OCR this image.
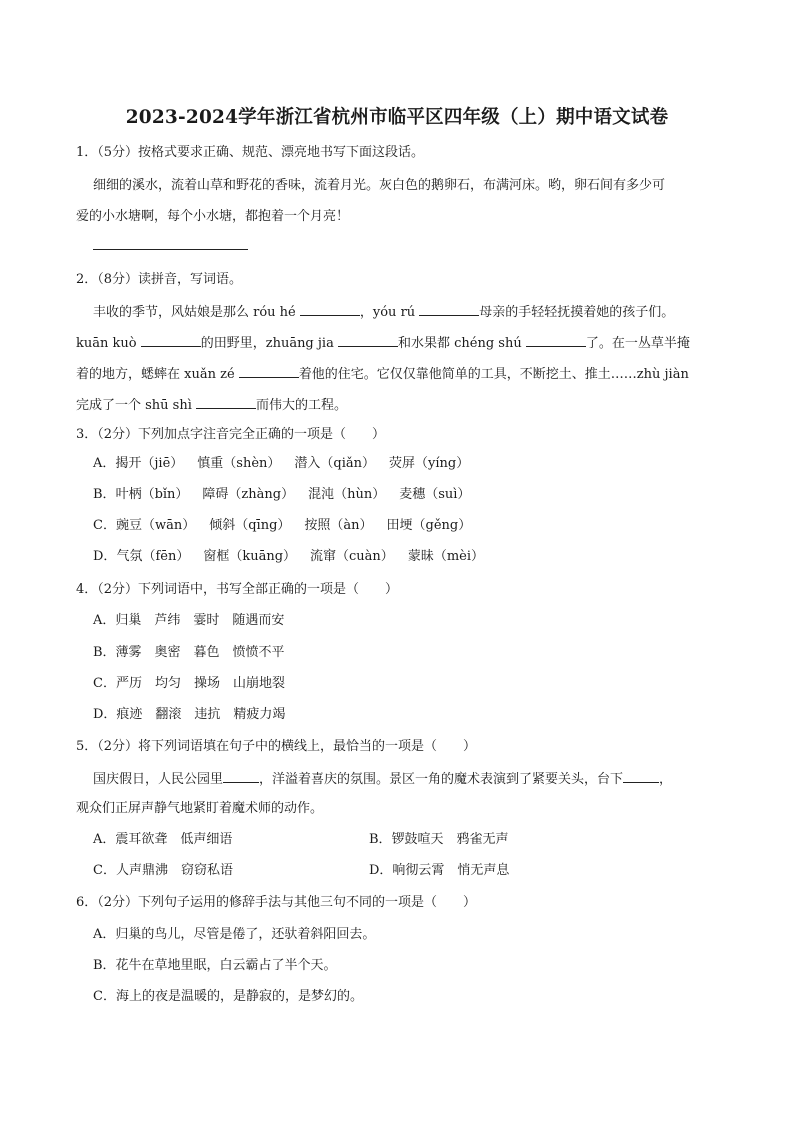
2023-2024学年浙江省杭州市临平区四年级（上）期中语文试卷
1．（5分）按格式要求正确、规范、漂亮地书写下面这段话。
细细的溪水，流着山草和野花的香味，流着月光。灰白色的鹅卵石，布满河床。哟，卵石间有多少可
爱的小水塘啊，每个小水塘，都抱着一个月亮！
2．（8分）读拼音，写词语。
丰收的季节，风姑娘是那么 róu hé	，yóu rú	母亲的手轻轻抚摸着她的孩子们。
kuān kuò	的田野里，zhuāng jia	和水果都 chéng shú	了。在一丛草半掩
着的地方，蟋蟀在 xuǎn zé	着他的住宅。它仅仅靠他简单的工具，不断挖土、推土……zhù jiàn
完成了一个 shū shì	而伟大的工程。
3．（2分）下列加点字注音完全正确的一项是（　　）
A．揭开（jiē） 慎重（shèn） 潜入（qiǎn） 荧屏（yíng）
B．叶柄（bǐn） 障碍（zhàng） 混沌（hùn） 麦穗（suì）
C．豌豆（wān） 倾斜（qīng） 按照（àn） 田埂（gěng）
D．气氛（fēn） 窗框（kuāng） 流窜（cuàn） 蒙昧（mèi）
4．（2分）下列词语中，书写全部正确的一项是（　　）
A．归巢　芦纬　霎时　随遇而安
B．薄雾　奥密　暮色　愤愤不平
C．严历　均匀　操场　山崩地裂
D．痕迹　翻滚　违抗　精疲力竭
5．（2分）将下列词语填在句子中的横线上，最恰当的一项是（　　）
国庆假日，人民公园里	，洋溢着喜庆的氛围。景区一角的魔术表演到了紧要关头，台下	，
观众们正屏声静气地紧盯着魔术师的动作。
A．震耳欲聋　低声细语	B．锣鼓喧天　鸦雀无声
C．人声鼎沸　窃窃私语	D．响彻云霄　悄无声息
6．（2分）下列句子运用的修辞手法与其他三句不同的一项是（　　）
A．归巢的鸟儿，尽管是倦了，还驮着斜阳回去。
B．花牛在草地里眠，白云霸占了半个天。
C．海上的夜是温暖的，是静寂的，是梦幻的。
